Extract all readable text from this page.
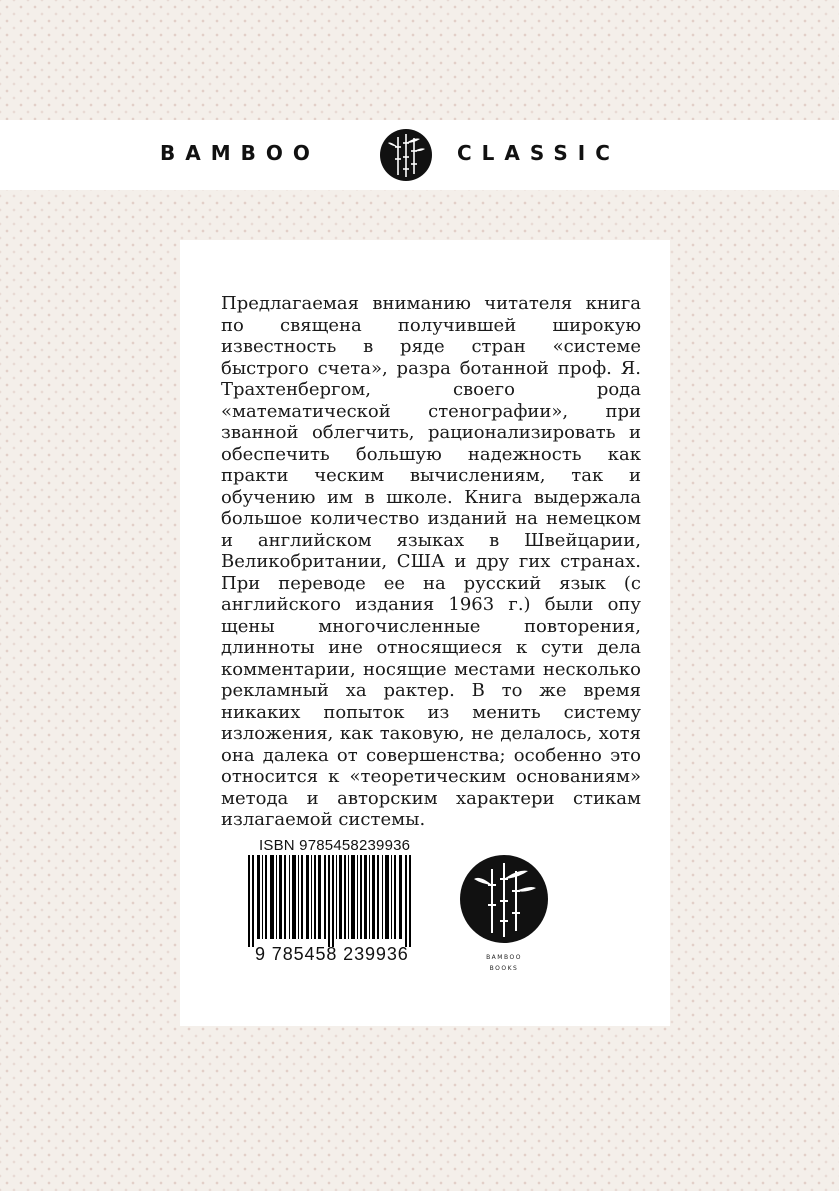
BAMBOO	CLASSIC

Предлагаемая вниманию читателя книга по священа получившей широкую известность в ряде стран «системе быстрого счета», разра ботанной проф. Я. Трахтенбергом, своего рода «математической стенографии», при званной облегчить, рационализировать и обеспечить большую надежность как практи ческим вычислениям, так и обучению им в школе. Книга выдержала большое количество изданий на немецком и английском языках в Швейцарии, Великобритании, США и дру гих странах. При переводе ее на русский язык (с английского издания 1963 г.) были опу щены многочисленные повторения, длинноты ине относящиеся к сути дела комментарии, носящие местами несколько рекламный ха рактер. В то же время никаких попыток из менить систему изложения, как таковую, не делалось, хотя она далека от совершенства; особенно это относится к «теоретическим основаниям» метода и авторским характери стикам излагаемой системы.

ISBN 9785458239936
9 785458 239936	BAMBOO
BOOKS
